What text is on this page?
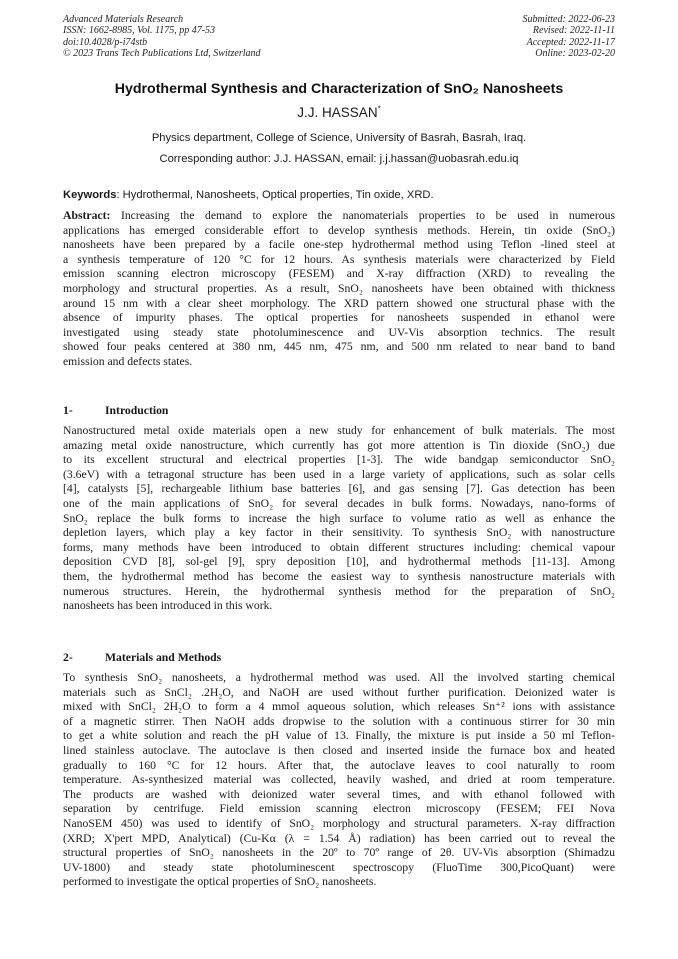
Advanced Materials Research
ISSN: 1662-8985, Vol. 1175, pp 47-53
doi:10.4028/p-i74stb
© 2023 Trans Tech Publications Ltd, Switzerland
Submitted: 2022-06-23
Revised: 2022-11-11
Accepted: 2022-11-17
Online: 2023-02-20
Hydrothermal Synthesis and Characterization of SnO₂ Nanosheets
J.J. HASSAN*
Physics department, College of Science, University of Basrah, Basrah, Iraq.
Corresponding author: J.J. HASSAN, email: j.j.hassan@uobasrah.edu.iq
Keywords: Hydrothermal, Nanosheets, Optical properties, Tin oxide, XRD.
Abstract: Increasing the demand to explore the nanomaterials properties to be used in numerous
applications has emerged considerable effort to develop synthesis methods. Herein, tin oxide (SnO₂)
nanosheets have been prepared by a facile one-step hydrothermal method using Teflon -lined steel at
a synthesis temperature of 120 °C for 12 hours. As synthesis materials were characterized by Field
emission scanning electron microscopy (FESEM) and X-ray diffraction (XRD) to revealing the
morphology and structural properties. As a result, SnO₂ nanosheets have been obtained with thickness
around 15 nm with a clear sheet morphology. The XRD pattern showed one structural phase with the
absence of impurity phases. The optical properties for nanosheets suspended in ethanol were
investigated using steady state photoluminescence and UV-Vis absorption technics. The result
showed four peaks centered at 380 nm, 445 nm, 475 nm, and 500 nm related to near band to band
emission and defects states.
1-	Introduction
Nanostructured metal oxide materials open a new study for enhancement of bulk materials. The most
amazing metal oxide nanostructure, which currently has got more attention is Tin dioxide (SnO₂) due
to its excellent structural and electrical properties [1-3]. The wide bandgap semiconductor SnO₂
(3.6eV) with a tetragonal structure has been used in a large variety of applications, such as solar cells
[4], catalysts [5], rechargeable lithium base batteries [6], and gas sensing [7]. Gas detection has been
one of the main applications of SnO₂ for several decades in bulk forms. Nowadays, nano-forms of
SnO₂ replace the bulk forms to increase the high surface to volume ratio as well as enhance the
depletion layers, which play a key factor in their sensitivity. To synthesis SnO₂ with nanostructure
forms, many methods have been introduced to obtain different structures including: chemical vapour
deposition CVD [8], sol-gel [9], spry deposition [10], and hydrothermal methods [11-13]. Among
them, the hydrothermal method has become the easiest way to synthesis nanostructure materials with
numerous structures. Herein, the hydrothermal synthesis method for the preparation of SnO₂
nanosheets has been introduced in this work.
2-	Materials and Methods
To synthesis SnO₂ nanosheets, a hydrothermal method was used. All the involved starting chemical
materials such as SnCl₂ .2H₂O, and NaOH are used without further purification. Deionized water is
mixed with SnCl₂ 2H₂O to form a 4 mmol aqueous solution, which releases Sn⁺² ions with assistance
of a magnetic stirrer. Then NaOH adds dropwise to the solution with a continuous stirrer for 30 min
to get a white solution and reach the pH value of 13. Finally, the mixture is put inside a 50 ml Teflon-
lined stainless autoclave. The autoclave is then closed and inserted inside the furnace box and heated
gradually to 160 °C for 12 hours. After that, the autoclave leaves to cool naturally to room
temperature. As-synthesized material was collected, heavily washed, and dried at room temperature.
The products are washed with deionized water several times, and with ethanol followed with
separation by centrifuge. Field emission scanning electron microscopy (FESEM; FEI Nova
NanoSEM 450) was used to identify of SnO₂ morphology and structural parameters. X-ray diffraction
(XRD; X'pert MPD, Analytical) (Cu-Kα (λ = 1.54 Å) radiation) has been carried out to reveal the
structural properties of SnO₂ nanosheets in the 20º to 70º range of 2θ. UV-Vis absorption (Shimadzu
UV-1800) and steady state photoluminescent spectroscopy (FluoTime 300,PicoQuant) were
performed to investigate the optical properties of SnO₂ nanosheets.
